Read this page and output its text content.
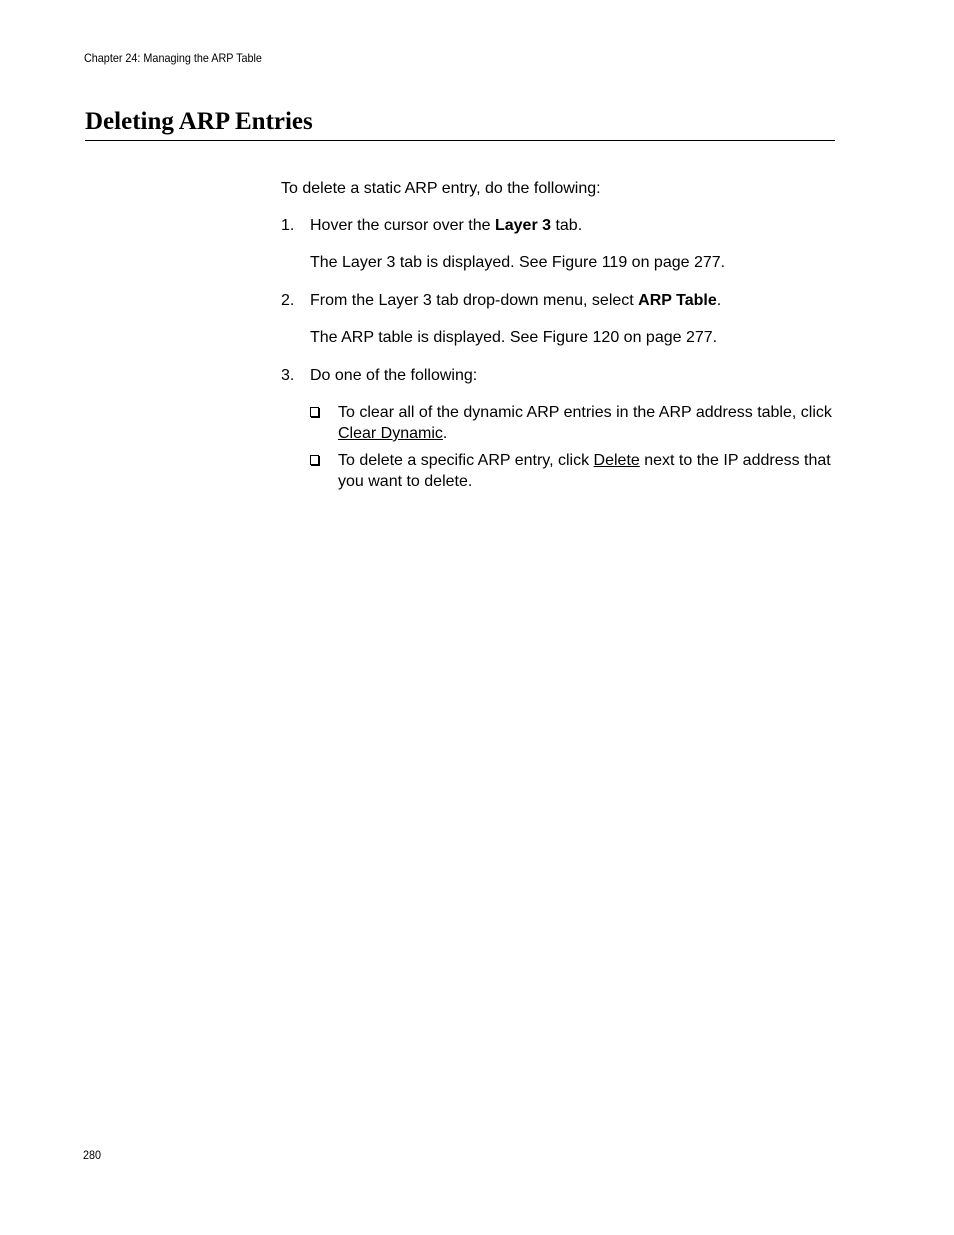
Chapter 24: Managing the ARP Table
Deleting ARP Entries
To delete a static ARP entry, do the following:
1. Hover the cursor over the Layer 3 tab.
The Layer 3 tab is displayed. See Figure 119 on page 277.
2. From the Layer 3 tab drop-down menu, select ARP Table.
The ARP table is displayed. See Figure 120 on page 277.
3. Do one of the following:
To clear all of the dynamic ARP entries in the ARP address table, click Clear Dynamic.
To delete a specific ARP entry, click Delete next to the IP address that you want to delete.
280
